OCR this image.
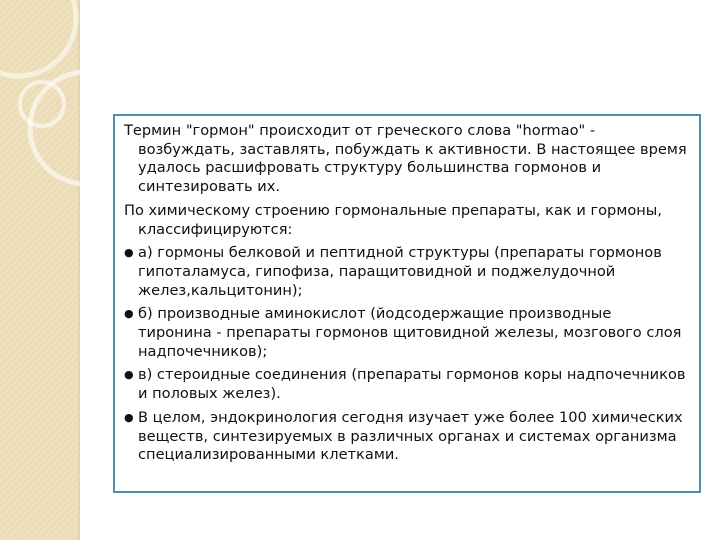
Термин "гормон" происходит от греческого слова "hormao" - возбуждать, заставлять, побуждать к активности. В настоящее время удалось расшифровать структуру большинства гормонов и синтезировать их.

По химическому строению гормональные препараты, как и гормоны, классифицируются:

● а) гормоны белковой и пептидной структуры (препараты гормонов гипоталамуса, гипофиза, паращитовидной и поджелудочной желез,кальцитонин);

● б) производные аминокислот (йодсодержащие производные тиронина - препараты гормонов щитовидной железы, мозгового слоя надпочечников);

● в) стероидные соединения (препараты гормонов коры надпочечников и половых желез).

● В целом, эндокринология сегодня изучает уже более 100 химических веществ, синтезируемых в различных органах и системах организма специализированными клетками.
